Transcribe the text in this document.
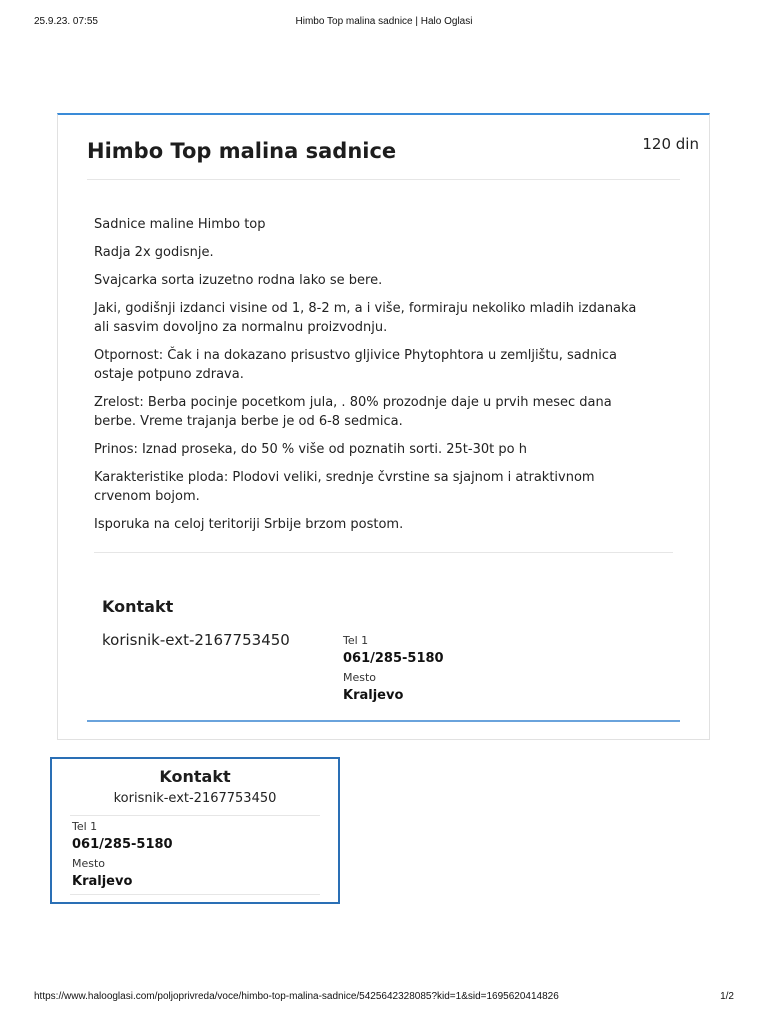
25.9.23. 07:55	Himbo Top malina sadnice | Halo Oglasi
Himbo Top malina sadnice	120 din

Sadnice maline Himbo top

Radja 2x godisnje.

Svajcarka sorta izuzetno rodna lako se bere.

Jaki, godišnji izdanci visine od 1, 8-2 m, a i više, formiraju nekoliko mladih izdanaka ali sasvim dovoljno za normalnu proizvodnju.

Otpornost: Čak i na dokazano prisustvo gljivice Phytophtora u zemljištu, sadnica ostaje potpuno zdrava.

Zrelost: Berba pocinje pocetkom jula, . 80% prozodnje daje u prvih mesec dana berbe. Vreme trajanja berbe je od 6-8 sedmica.

Prinos: Iznad proseka, do 50 % više od poznatih sorti. 25t-30t po h

Karakteristike ploda: Plodovi veliki, srednje čvrstine sa sjajnom i atraktivnom crvenom bojom.

Isporuka na celoj teritoriji Srbije brzom postom.

Kontakt
korisnik-ext-2167753450	Tel 1
061/285-5180
Mesto
Kraljevo
Kontakt
korisnik-ext-2167753450
Tel 1
061/285-5180
Mesto
Kraljevo
https://www.halooglasi.com/poljoprivreda/voce/himbo-top-malina-sadnice/5425642328085?kid=1&sid=1695620414826	1/2
